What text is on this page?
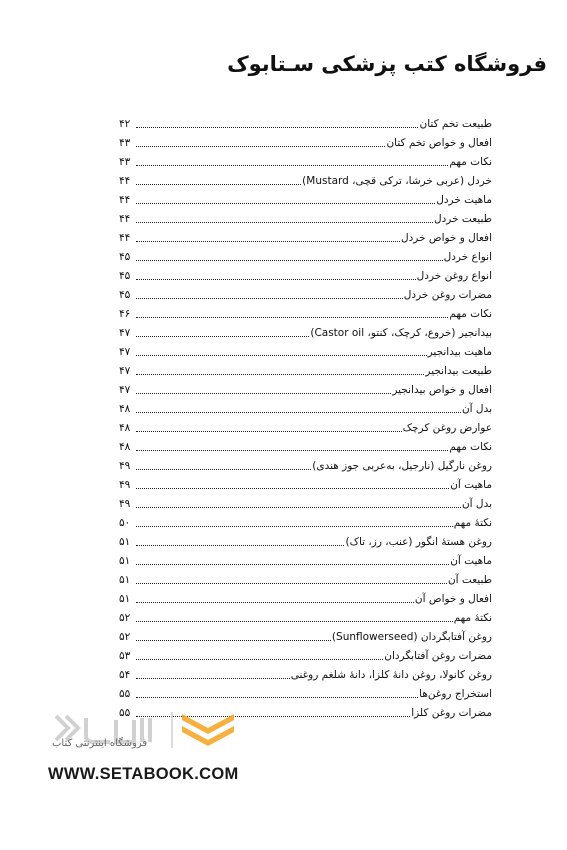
فروشگاه کتب پزشکی سـتابوک
طبیعت تخم کتان
۴۲
افعال و خواص تخم کتان
۴۳
نکات مهم
۴۳
خردل (عربی خرشا، ترکی قچی، Mustard)
۴۴
ماهیت خردل
۴۴
طبیعت خردل
۴۴
افعال و خواص خردل
۴۴
انواع خردل
۴۵
انواع روغن خردل
۴۵
مضرات روغن خردل
۴۵
نکات مهم
۴۶
بیدانجیر (خروع، کرچک، کنتو، Castor oil)
۴۷
ماهیت بیدانجیر
۴۷
طبیعت بیدانجیر
۴۷
افعال و خواص بیدانجیر
۴۷
بدل آن
۴۸
عوارض روغن کرچک
۴۸
نکات مهم
۴۸
روغن نارگیل (نارجیل، به‌عربی جوز هندی)
۴۹
ماهیت آن
۴۹
بدل آن
۴۹
نکتهٔ مهم
۵۰
روغن هستهٔ انگور (عنب، رز، تاک)
۵۱
ماهیت آن
۵۱
طبیعت آن
۵۱
افعال و خواص آن
۵۱
نکتهٔ مهم
۵۲
روغن آفتابگردان (Sunflowerseed)
۵۲
مضرات روغن آفتابگردان
۵۳
روغن کانولا، روغن دانهٔ کلزا، دانهٔ شلغم روغنی
۵۴
استخراج روغن‌ها
۵۵
مضرات روغن کلزا
۵۵
فروشگاه اینترنتی کتاب
WWW.SETABOOK.COM
